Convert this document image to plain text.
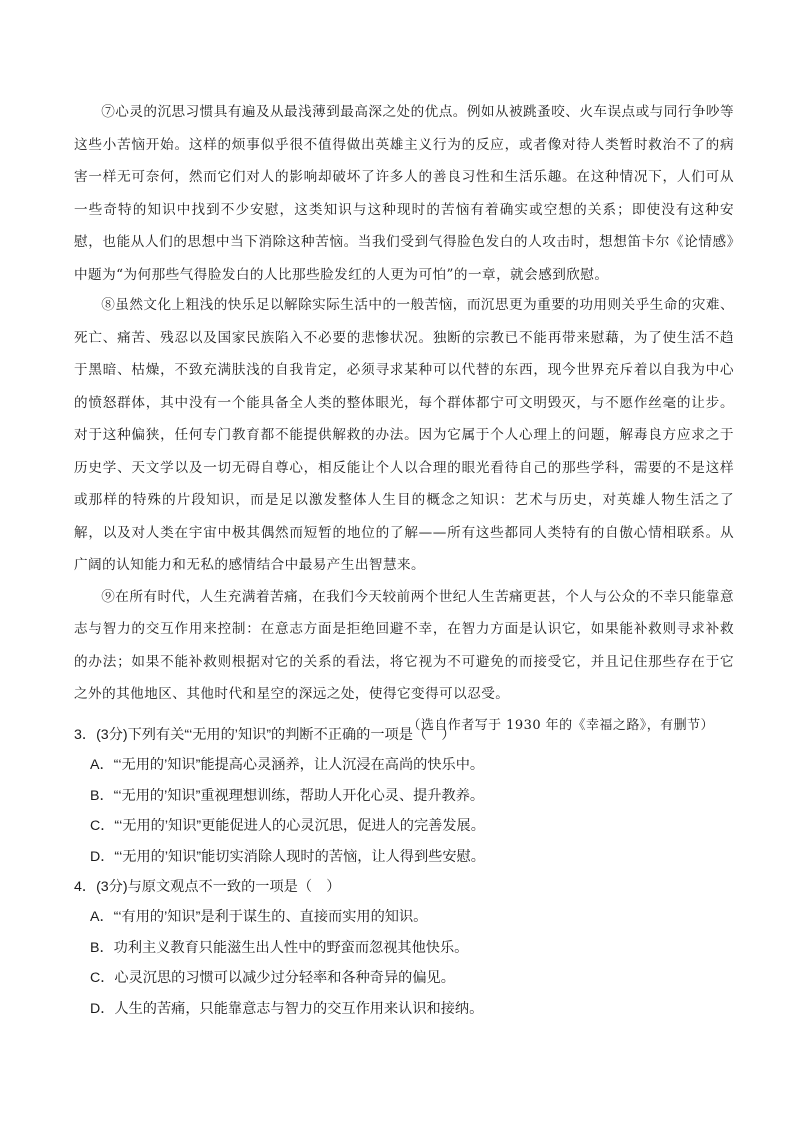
⑦心灵的沉思习惯具有遍及从最浅薄到最高深之处的优点。例如从被跳蚤咬、火车误点或与同行争吵等这些小苦恼开始。这样的烦事似乎很不值得做出英雄主义行为的反应，或者像对待人类暂时救治不了的病害一样无可奈何，然而它们对人的影响却破坏了许多人的善良习性和生活乐趣。在这种情况下，人们可从一些奇特的知识中找到不少安慰，这类知识与这种现时的苦恼有着确实或空想的关系；即使没有这种安慰，也能从人们的思想中当下消除这种苦恼。当我们受到气得脸色发白的人攻击时，想想笛卡尔《论情感》中题为“为何那些气得脸发白的人比那些脸发红的人更为可怕”的一章，就会感到欣慰。

⑧虽然文化上粗浅的快乐足以解除实际生活中的一般苦恼，而沉思更为重要的功用则关乎生命的灾难、死亡、痛苦、残忍以及国家民族陷入不必要的悲惨状况。独断的宗教已不能再带来慰藉，为了使生活不趋于黑暗、枯燥，不致充满肤浅的自我肯定，必须寻求某种可以代替的东西，现今世界充斥着以自我为中心的愤怒群体，其中没有一个能具备全人类的整体眼光，每个群体都宁可文明毁灭，与不愿作丝毫的让步。对于这种偏狭，任何专门教育都不能提供解救的办法。因为它属于个人心理上的问题，解毒良方应求之于历史学、天文学以及一切无碍自尊心，相反能让个人以合理的眼光看待自己的那些学科，需要的不是这样或那样的特殊的片段知识，而是足以激发整体人生目的概念之知识：艺术与历史，对英雄人物生活之了解，以及对人类在宇宙中极其偶然而短暂的地位的了解——所有这些都同人类特有的自傲心情相联系。从广阔的认知能力和无私的感情结合中最易产生出智慧来。

⑨在所有时代，人生充满着苦痛，在我们今天较前两个世纪人生苦痛更甚，个人与公众的不幸只能靠意志与智力的交互作用来控制：在意志方面是拒绝回避不幸，在智力方面是认识它，如果能补救则寻求补救的办法；如果不能补救则根据对它的关系的看法，将它视为不可避免的而接受它，并且记住那些存在于它之外的其他地区、其他时代和星空的深远之处，使得它变得可以忍受。

（选自作者写于 1930 年的《幸福之路》，有删节）

3．(3分)下列有关“‘无用的’知识”的判断不正确的一项是（　）

A．“‘无用的’知识”能提高心灵涵养，让人沉浸在高尚的快乐中。

B．“‘无用的’知识”重视理想训练，帮助人开化心灵、提升教养。

C．“‘无用的’知识”更能促进人的心灵沉思，促进人的完善发展。

D．“‘无用的’知识”能切实消除人现时的苦恼，让人得到些安慰。

4．(3分)与原文观点不一致的一项是（　）

A．“‘有用的’知识”是利于谋生的、直接而实用的知识。

B．功利主义教育只能滋生出人性中的野蛮而忽视其他快乐。

C．心灵沉思的习惯可以减少过分轻率和各种奇异的偏见。

D．人生的苦痛，只能靠意志与智力的交互作用来认识和接纳。
